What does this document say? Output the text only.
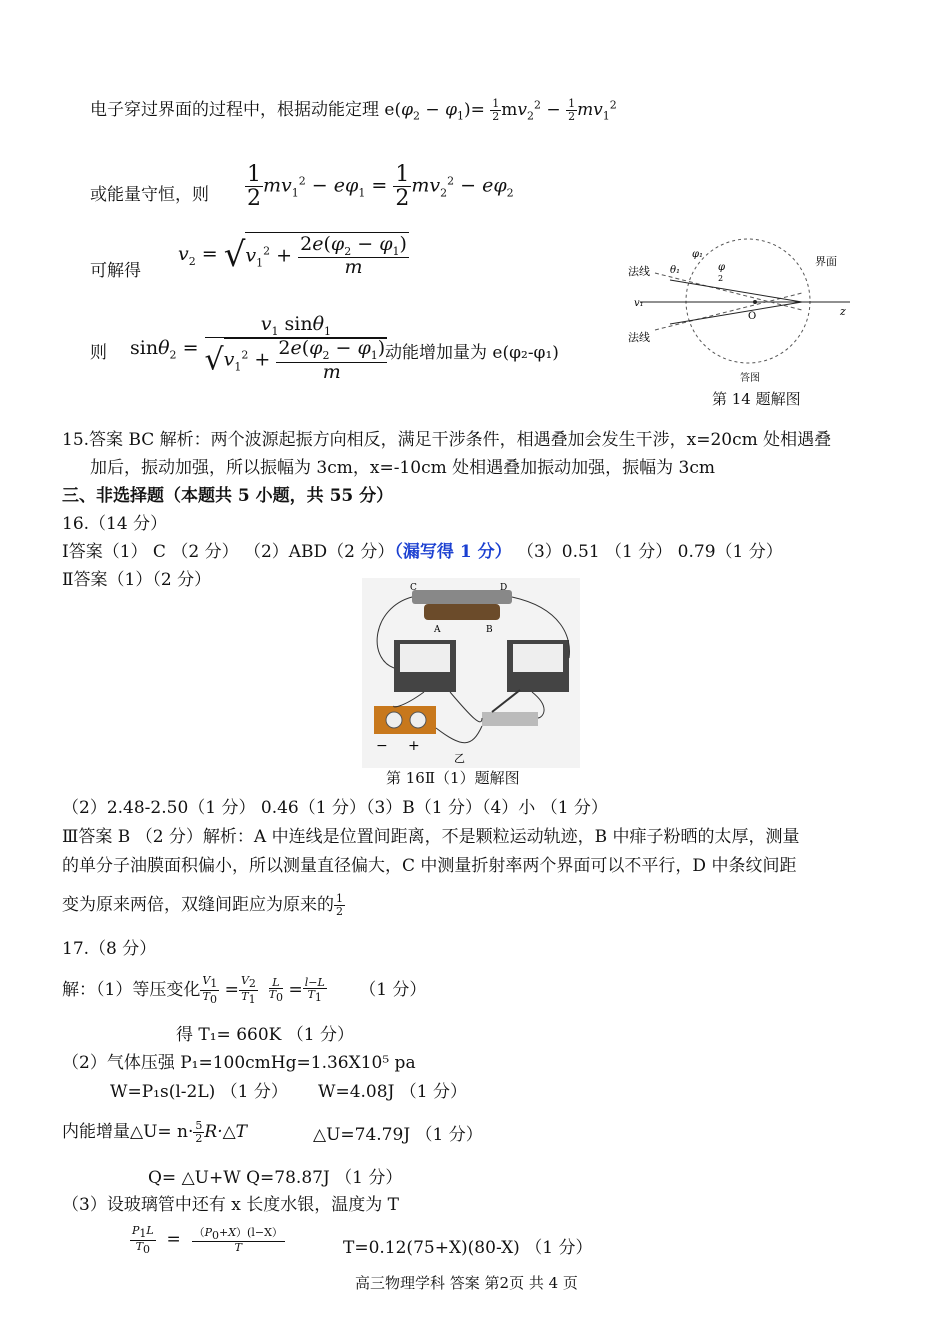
电子穿过界面的过程中，根据动能定理 $e(\varphi_2 - \varphi_1)= \frac{1}{2} mv_2^2 - \frac{1}{2} mv_1^2$
或能量守恒，则 $\frac{1}{2} mv_1^2 - e\varphi_1 = \frac{1}{2} mv_2^2 - e\varphi_2$
可解得
$v_2 = √v_1^2 + \frac{2e(\varphi_2 - \varphi_1)}{m}$
则 $\sin\theta_2 = \frac{v_1 \sin\theta_1}{√v_1^2 + \frac{2e(\varphi_2 - \varphi_1)}{m}}$
动能增加量为 e(φ₂-φ₁)
法线
法线
界面
θ₁
φ₁
φ
2
v₁
O	z
答图
第 14 题解图
15.答案 BC 解析：两个波源起振方向相反，满足干涉条件，相遇叠加会发生干涉，x=20cm 处相遇叠
加后，振动加强，所以振幅为 3cm，x=-10cm 处相遇叠加振动加强，振幅为 3cm
三、非选择题（本题共 5 小题，共 55 分）
16.（14 分）
Ⅰ答案（1） C （2 分） （2）ABD（2 分）（漏写得 1 分） （3）0.51 （1 分） 0.79（1 分）
Ⅱ答案（1）（2 分）	C	D
A	B
− +
乙
第 16Ⅱ（1）题解图
（2）2.48-2.50（1 分） 0.46（1 分）（3）B（1 分）（4）小 （1 分）
Ⅲ答案 B （2 分）解析：A 中连线是位置间距离，不是颗粒运动轨迹，B 中痱子粉晒的太厚，测量
的单分子油膜面积偏小，所以测量直径偏大，C 中测量折射率两个界面可以不平行，D 中条纹间距
变为原来两倍，双缝间距应为原来的 $\frac{1}{2}$
17.（8 分）
解：（1）等压变化 $\frac{V_1}{T_0} = \frac{V_2}{T_1}$
$\frac{L}{T_0} = \frac{l-L}{T_1} (1$ 分）
得 T₁= 660K （1 分）
（2）气体压强 P₁=100cmHg=1.36X10⁵ pa
W=P₁s(l-2L) （1 分） W=4.08J （1 分）
内能增量△U= $n\cdot \frac{5}{2}$ R·△T	△U=74.79J （1 分）
Q= △U+W Q=78.87J （1 分）
（3）设玻璃管中还有 x 长度水银，温度为 T
$\frac{P_1L}{T_0} = \frac{(P_0+X)(l-X)}{T}$	T=0.12(75+X)(80-X) （1 分）
高三物理学科 答案 第2页 共 4 页
